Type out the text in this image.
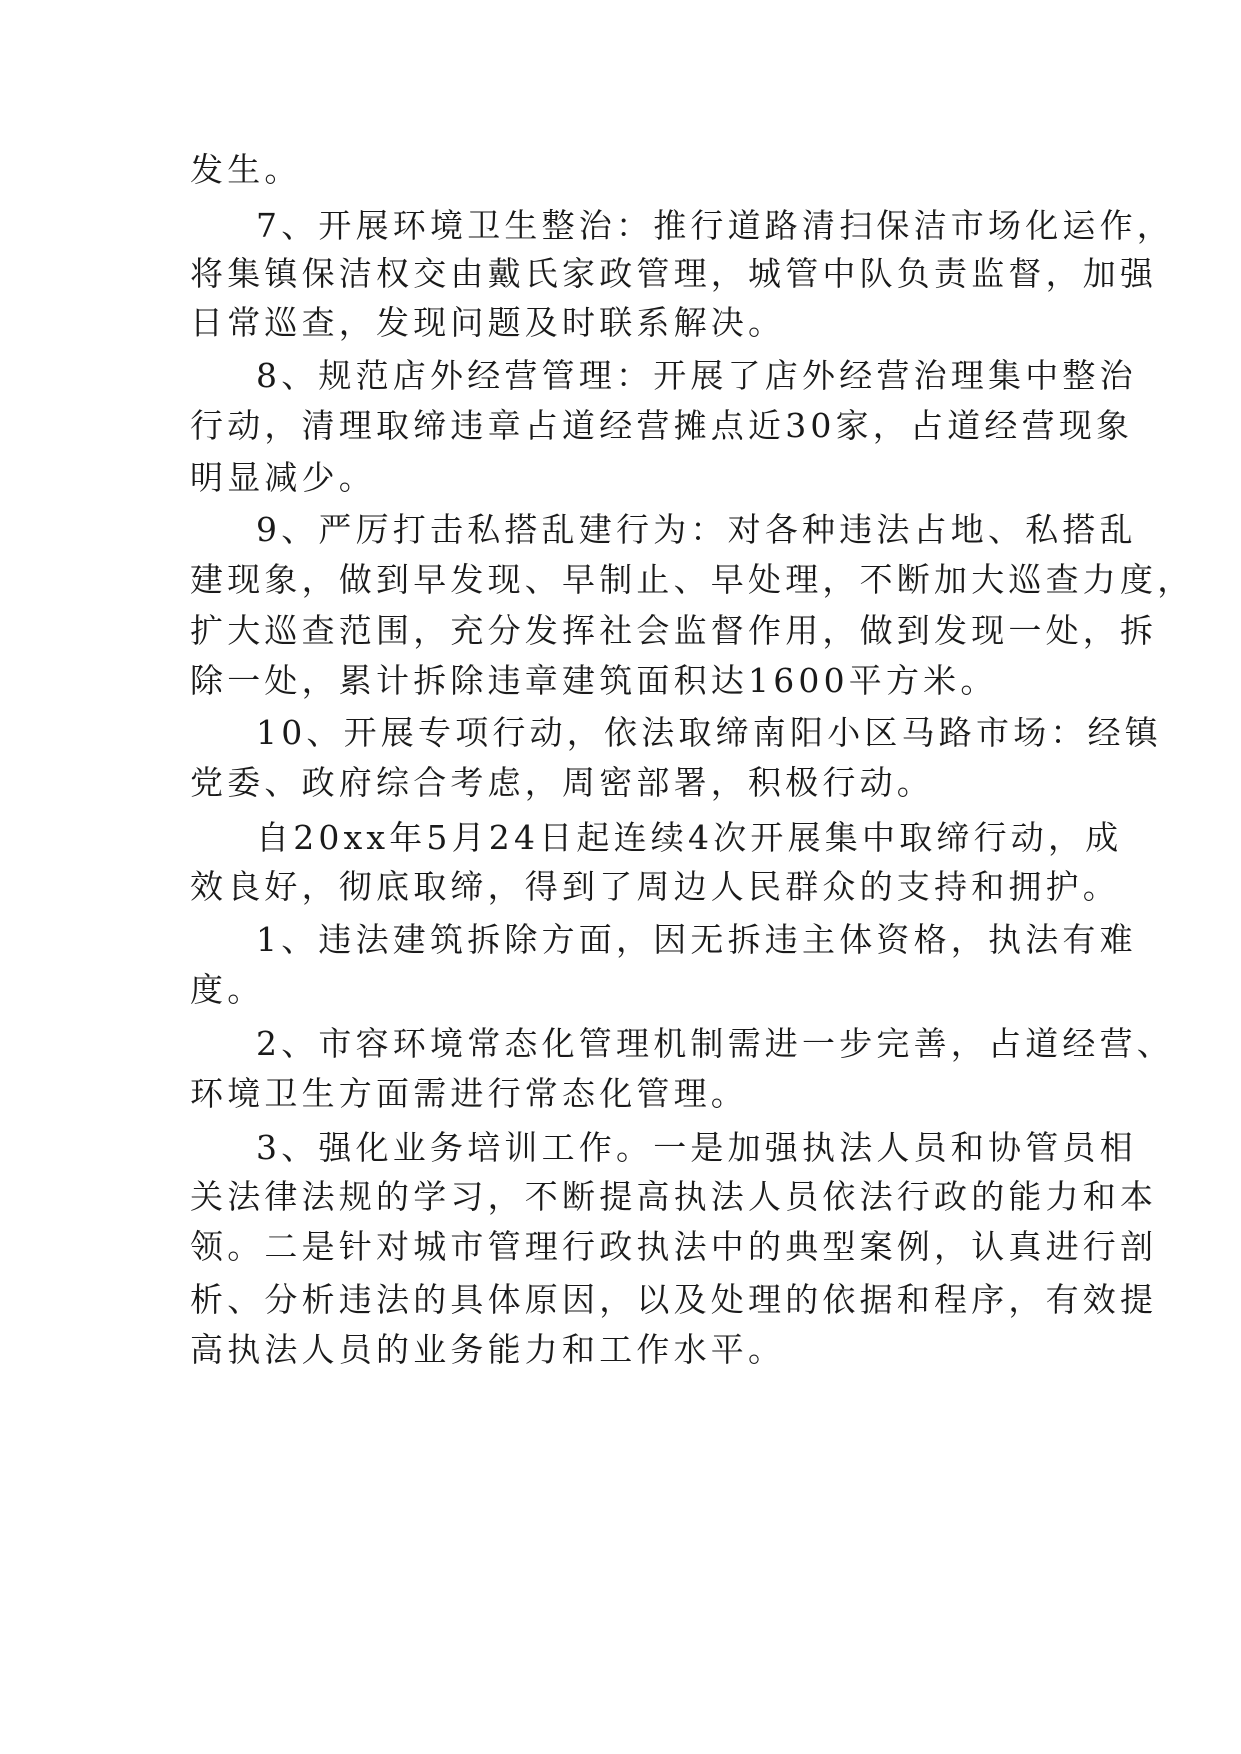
发生。
7、开展环境卫生整治：推行道路清扫保洁市场化运作，
将集镇保洁权交由戴氏家政管理，城管中队负责监督，加强
日常巡查，发现问题及时联系解决。
8、规范店外经营管理：开展了店外经营治理集中整治
行动，清理取缔违章占道经营摊点近30家，占道经营现象
明显减少。
9、严厉打击私搭乱建行为：对各种违法占地、私搭乱
建现象，做到早发现、早制止、早处理，不断加大巡查力度，
扩大巡查范围，充分发挥社会监督作用，做到发现一处，拆
除一处，累计拆除违章建筑面积达1600平方米。
10、开展专项行动，依法取缔南阳小区马路市场：经镇
党委、政府综合考虑，周密部署，积极行动。
自20xx年5月24日起连续4次开展集中取缔行动，成
效良好，彻底取缔，得到了周边人民群众的支持和拥护。
1、违法建筑拆除方面，因无拆违主体资格，执法有难
度。
2、市容环境常态化管理机制需进一步完善，占道经营、
环境卫生方面需进行常态化管理。
3、强化业务培训工作。一是加强执法人员和协管员相
关法律法规的学习，不断提高执法人员依法行政的能力和本
领。二是针对城市管理行政执法中的典型案例，认真进行剖
析、分析违法的具体原因，以及处理的依据和程序，有效提
高执法人员的业务能力和工作水平。
